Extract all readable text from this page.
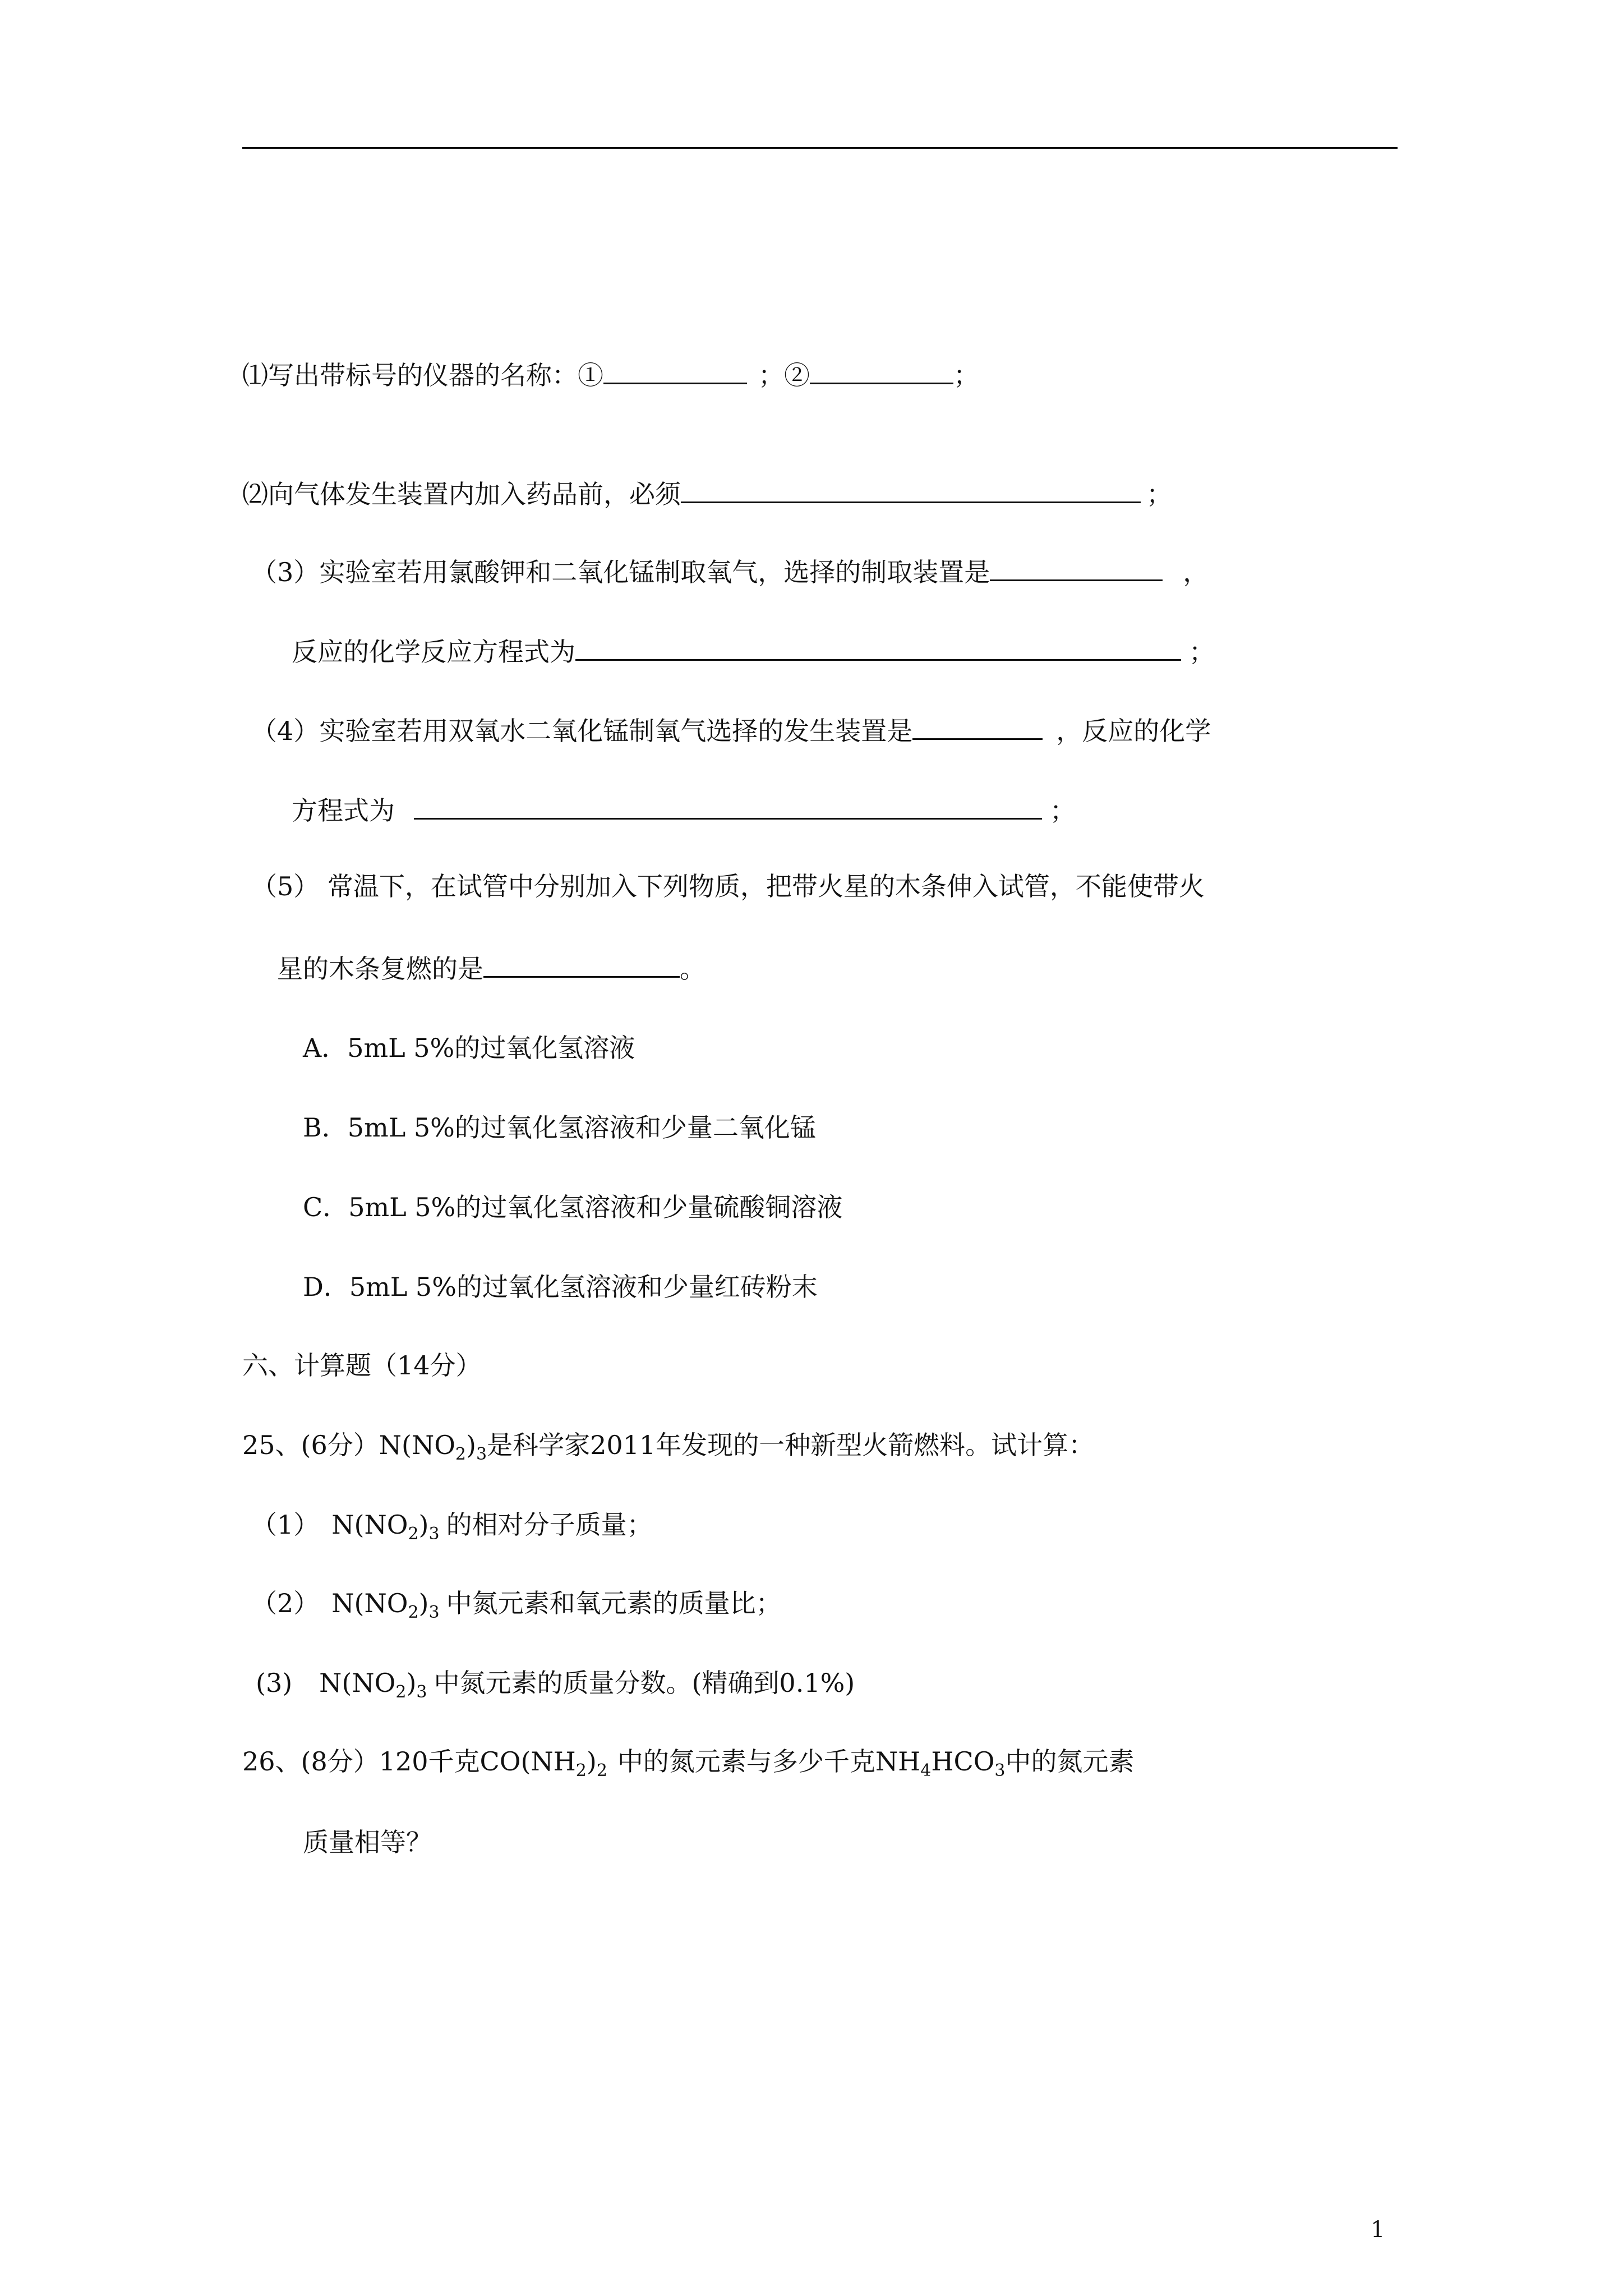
⑴写出带标号的仪器的名称：①	；②	；
⑵向气体发生装置内加入药品前，必须	；
（3）实验室若用氯酸钾和二氧化锰制取氧气，选择的制取装置是	，
反应的化学反应方程式为	；
（4）实验室若用双氧水二氧化锰制氧气选择的发生装置是	，反应的化学
方程式为	；
（5） 常温下，在试管中分别加入下列物质，把带火星的木条伸入试管，不能使带火
星的木条复燃的是	。
A．5mL 5%的过氧化氢溶液
B．5mL 5%的过氧化氢溶液和少量二氧化锰
C．5mL 5%的过氧化氢溶液和少量硫酸铜溶液
D．5mL 5%的过氧化氢溶液和少量红砖粉末
六、计算题（14分）
25、(6分）$N(NO_2)_3$是科学家2011年发现的一种新型火箭燃料。试计算：
（1） $N(NO_2)_3$ 的相对分子质量；
（2） $N(NO_2)_3$ 中氮元素和氧元素的质量比；
(3) $N(NO_2)_3$ 中氮元素的质量分数。(精确到0.1%)
26、(8分）120千克$CO(NH_2)_2$ 中的氮元素与多少千克$NH_4HCO_3$中的氮元素
质量相等？
1
